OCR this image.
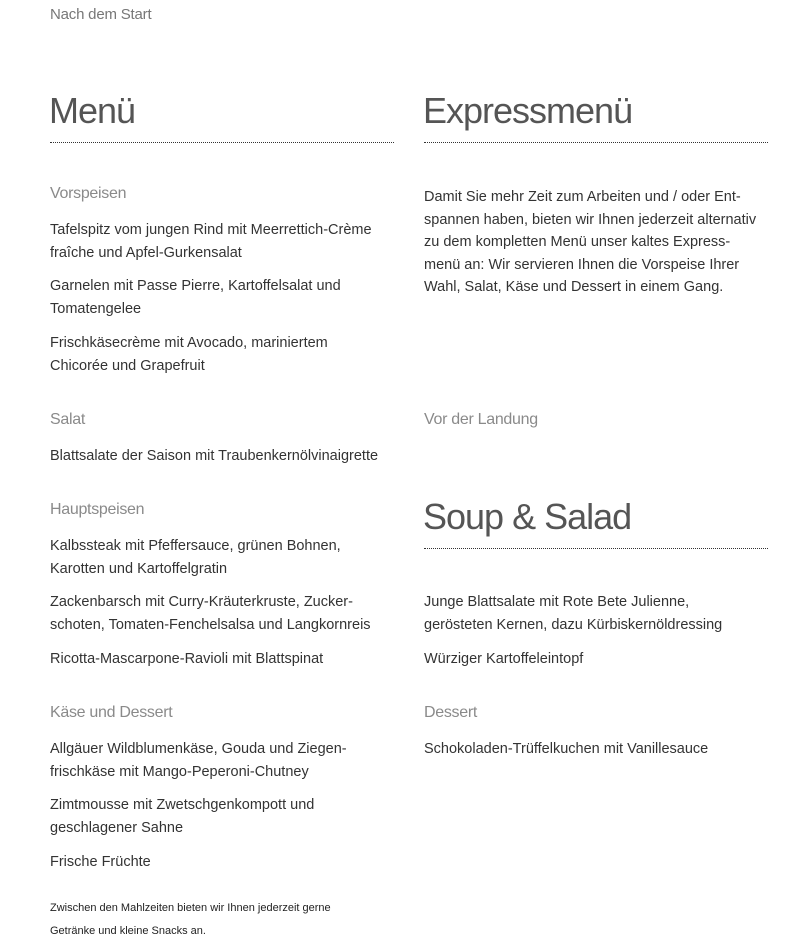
Nach dem Start
Menü
Vorspeisen
Tafelspitz vom jungen Rind mit Meerrettich-Crème
fraîche und Apfel-Gurkensalat
Garnelen mit Passe Pierre, Kartoffelsalat und
Tomatengelee
Frischkäsecrème mit Avocado, mariniertem
Chicorée und Grapefruit
Salat
Blattsalate der Saison mit Traubenkernölvinaigrette
Hauptspeisen
Kalbssteak mit Pfeffersauce, grünen Bohnen,
Karotten und Kartoffelgratin
Zackenbarsch mit Curry-Kräuterkruste, Zucker-
schoten, Tomaten-Fenchelsalsa und Langkornreis
Ricotta-Mascarpone-Ravioli mit Blattspinat
Käse und Dessert
Allgäuer Wildblumenkäse, Gouda und Ziegen-
frischkäse mit Mango-Peperoni-Chutney
Zimtmousse mit Zwetschgenkompott und
geschlagener Sahne
Frische Früchte
Zwischen den Mahlzeiten bieten wir Ihnen jederzeit gerne
Getränke und kleine Snacks an.
Expressmenü
Damit Sie mehr Zeit zum Arbeiten und / oder Ent-
spannen haben, bieten wir Ihnen jederzeit alternativ
zu dem kompletten Menü unser kaltes Express-
menü an: Wir servieren Ihnen die Vorspeise Ihrer
Wahl, Salat, Käse und Dessert in einem Gang.
Vor der Landung
Soup & Salad
Junge Blattsalate mit Rote Bete Julienne,
gerösteten Kernen, dazu Kürbiskernöldressing
Würziger Kartoffeleintopf
Dessert
Schokoladen-Trüffelkuchen mit Vanillesauce
